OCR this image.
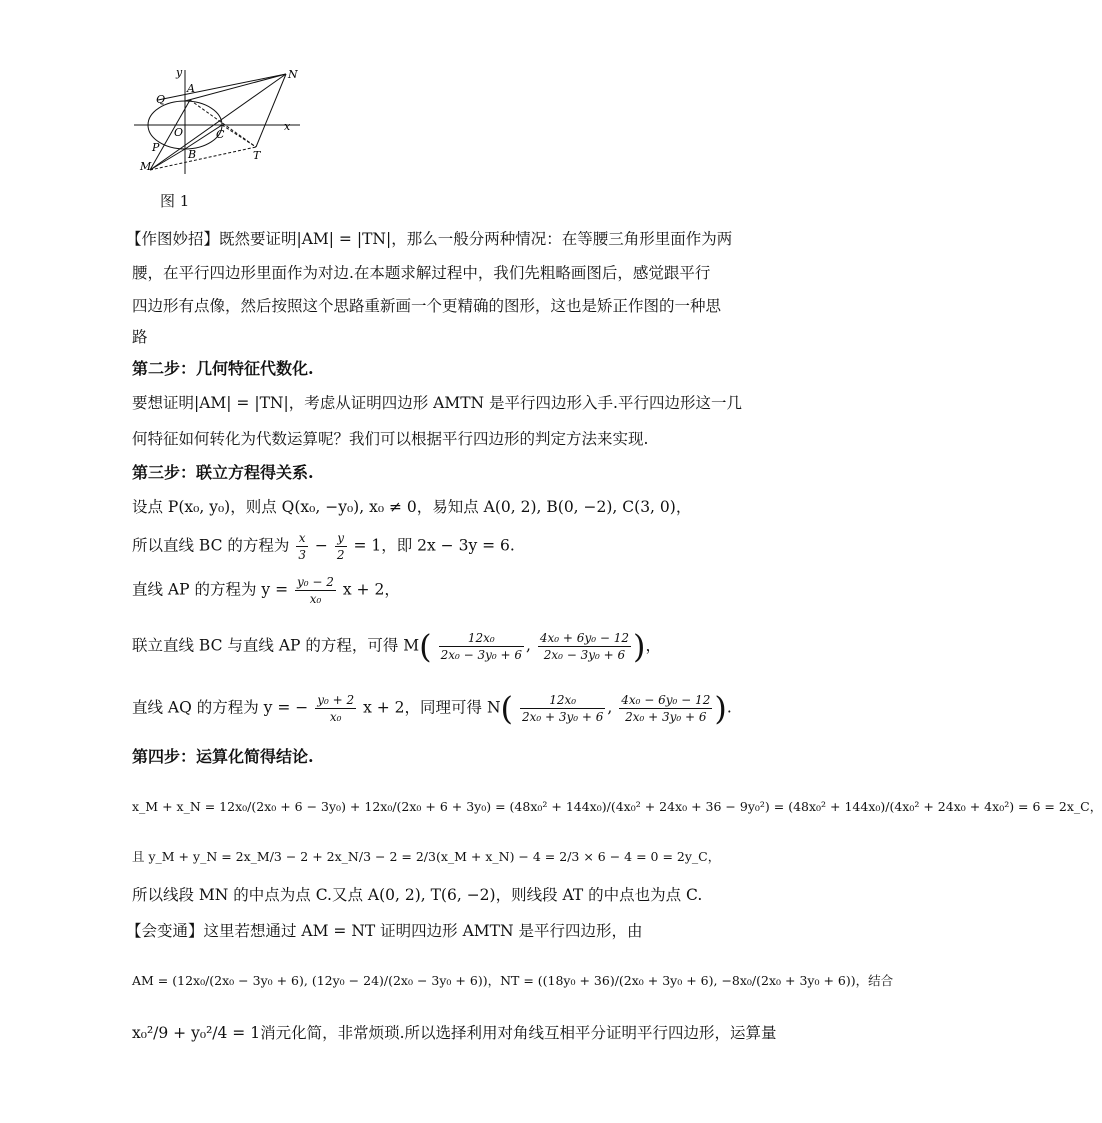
y	N
A
Q
O	C
x
P
B	T
M
图 1
【作图妙招】既然要证明|AM| = |TN|，那么一般分两种情况：在等腰三角形里面作为两
腰，在平行四边形里面作为对边.在本题求解过程中，我们先粗略画图后，感觉跟平行
四边形有点像，然后按照这个思路重新画一个更精确的图形，这也是矫正作图的一种思
路
第二步：几何特征代数化.
要想证明|AM| = |TN|，考虑从证明四边形 AMTN 是平行四边形入手.平行四边形这一几
何特征如何转化为代数运算呢？我们可以根据平行四边形的判定方法来实现.
第三步：联立方程得关系.
设点 P(x₀, y₀)，则点 Q(x₀, −y₀), x₀ ≠ 0，易知点 A(0, 2), B(0, −2), C(3, 0)，
所以直线 BC 的方程为 $\frac{x}{3} - \frac{y}{2} = 1$，即 2x − 3y = 6.
直线 AP 的方程为 $y = \frac{\text{y₀ − 2}}{\text{x₀}}$ x + 2，
联立直线 BC 与直线 AP 的方程，可得 $M( \frac{\text{12x₀}}{\text{2x₀ − 3y₀ + 6}}$ , $\frac{\text{4x₀ + 6y₀ − 12}}{\text{2x₀ − 3y₀ + 6}}$ )，
直线 AQ 的方程为 y = − $\frac{\text{y₀ + 2}}{\text{x₀}}$ x + 2，同理可得 $N( \frac{\text{12x₀}}{\text{2x₀ + 3y₀ + 6}}$ , $\frac{\text{4x₀ − 6y₀ − 12}}{\text{2x₀ + 3y₀ + 6}}$ ).
第四步：运算化简得结论.
x_M + x_N = 12x₀/(2x₀ + 6 − 3y₀) + 12x₀/(2x₀ + 6 + 3y₀) = (48x₀² + 144x₀)/(4x₀² + 24x₀ + 36 − 9y₀²) = (48x₀² + 144x₀)/(4x₀² + 24x₀ + 4x₀²) = 6 = 2x_C，
且 y_M + y_N = 2x_M/3 − 2 + 2x_N/3 − 2 = 2/3(x_M + x_N) − 4 = 2/3 × 6 − 4 = 0 = 2y_C，
所以线段 MN 的中点为点 C.又点 A(0, 2), T(6, −2)，则线段 AT 的中点也为点 C.
【会变通】这里若想通过 AM = NT 证明四边形 AMTN 是平行四边形，由
AM = (12x₀/(2x₀ − 3y₀ + 6), (12y₀ − 24)/(2x₀ − 3y₀ + 6))，NT = ((18y₀ + 36)/(2x₀ + 3y₀ + 6), −8x₀/(2x₀ + 3y₀ + 6))，结合
x₀²/9 + y₀²/4 = 1消元化简，非常烦琐.所以选择利用对角线互相平分证明平行四边形，运算量
